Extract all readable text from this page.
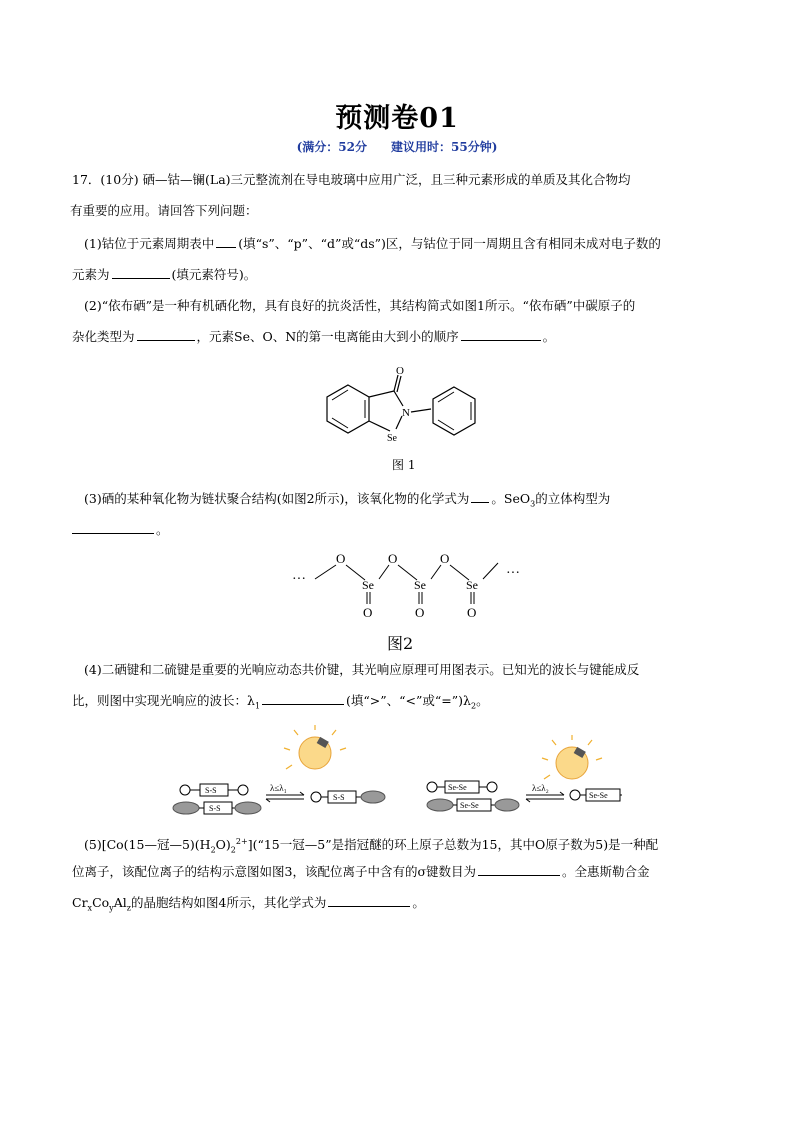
预测卷01
(满分：52分 建议用时：55分钟)
17．(10分) 硒—钴—镧(La)三元整流剂在导电玻璃中应用广泛，且三种元素形成的单质及其化合物均
有重要的应用。请回答下列问题：
(1)钴位于元素周期表中 (填“s”、“p”、“d”或“ds”)区，与钴位于同一周期且含有相同未成对电子数的
元素为	(填元素符号)。
(2)“依布硒”是一种有机硒化物，具有良好的抗炎活性，其结构简式如图1所示。“依布硒”中碳原子的
杂化类型为	，元素Se、O、N的第一电离能由大到小的顺序	。
O
N
Se
图 1
(3)硒的某种氧化物为链状聚合结构(如图2所示)，该氧化物的化学式为 。SeO$_3$的立体构型为
。
···
O
Se
O
Se
O
Se
···
O	O	O
图2
(4)二硒键和二硫键是重要的光响应动态共价键，其光响应原理可用图表示。已知光的波长与键能成反
比，则图中实现光响应的波长：$\lambda_1$	(填“>”、“<”或“$=”)\lambda_2$。
S-S
S-S
λ≤λ₁
S-S
Se-Se
Se-Se
λ≤λ₂
Se-Se
(5)[Co(15—冠$—5)(H_2O)_2^{2+}](“15$一冠—5”是指冠醚的环上原子总数为15，其中O原子数为5)是一种配
位离子，该配位离子的结构示意图如图3，该配位离子中含有的σ键数目为	。全惠斯勒合金
$Cr_xCo_yAl_z$的晶胞结构如图4所示，其化学式为	。
